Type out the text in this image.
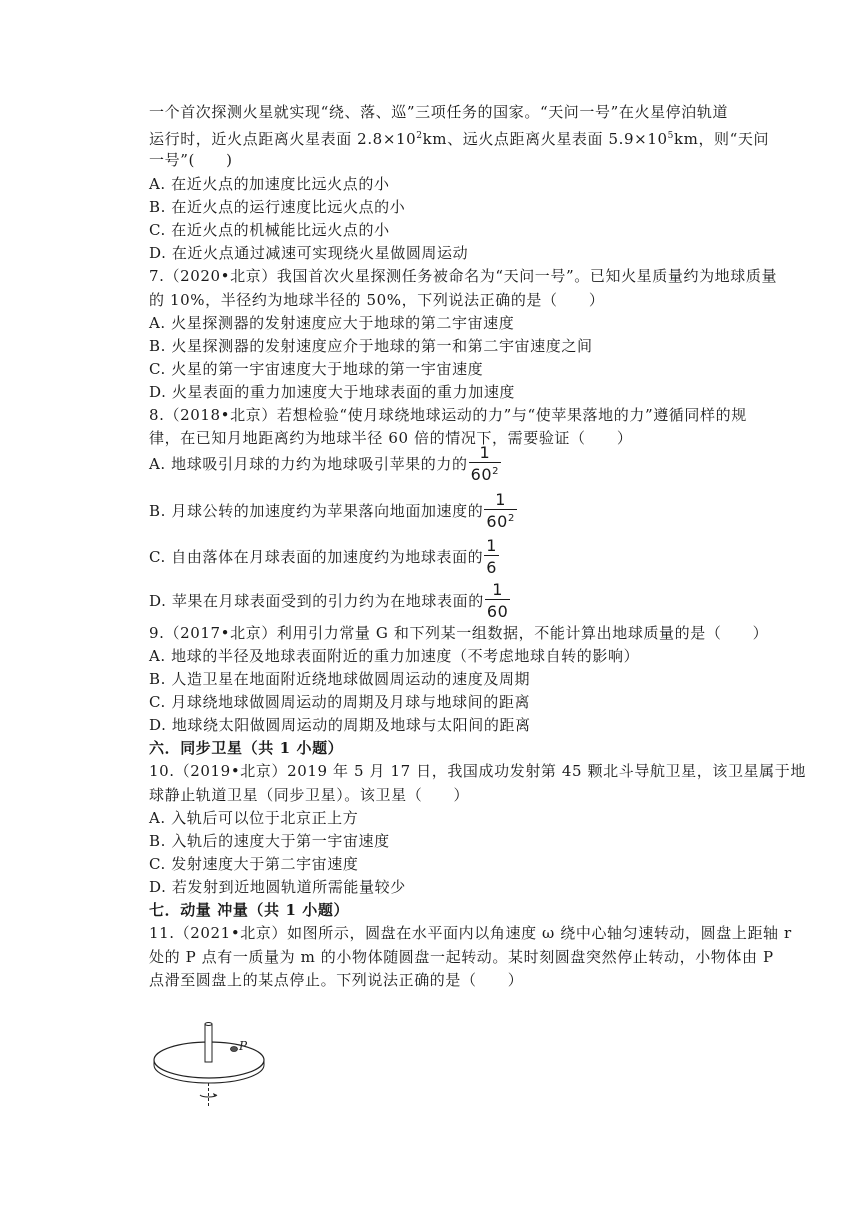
一个首次探测火星就实现“绕、落、巡”三项任务的国家。“天问一号”在火星停泊轨道
运行时，近火点距离火星表面 $2.8\times 10^2km$、远火点距离火星表面 $5.9\times 10^5km$，则“天问
一号”(　　)
A. 在近火点的加速度比远火点的小
B. 在近火点的运行速度比远火点的小
C. 在近火点的机械能比远火点的小
D. 在近火点通过减速可实现绕火星做圆周运动
7.（2020•北京）我国首次火星探测任务被命名为“天问一号”。已知火星质量约为地球质量
的 10%，半径约为地球半径的 50%，下列说法正确的是（　　）
A. 火星探测器的发射速度应大于地球的第二宇宙速度
B. 火星探测器的发射速度应介于地球的第一和第二宇宙速度之间
C. 火星的第一宇宙速度大于地球的第一宇宙速度
D. 火星表面的重力加速度大于地球表面的重力加速度
8.（2018•北京）若想检验“使月球绕地球运动的力”与“使苹果落地的力”遵循同样的规
律，在已知月地距离约为地球半径 60 倍的情况下，需要验证（　　）
A. 地球吸引月球的力约为地球吸引苹果的力的 $\frac{1}{60^2}$
B. 月球公转的加速度约为苹果落向地面加速度的 $\frac{1}{60^2}$
C. 自由落体在月球表面的加速度约为地球表面的 $\frac{1}{6}$
D. 苹果在月球表面受到的引力约为在地球表面的 $\frac{1}{60}$
9.（2017•北京）利用引力常量 G 和下列某一组数据，不能计算出地球质量的是（　　）
A. 地球的半径及地球表面附近的重力加速度（不考虑地球自转的影响）
B. 人造卫星在地面附近绕地球做圆周运动的速度及周期
C. 月球绕地球做圆周运动的周期及月球与地球间的距离
D. 地球绕太阳做圆周运动的周期及地球与太阳间的距离
六．同步卫星（共 1 小题）
10.（2019•北京）2019 年 5 月 17 日，我国成功发射第 45 颗北斗导航卫星，该卫星属于地
球静止轨道卫星（同步卫星）。该卫星（　　）
A. 入轨后可以位于北京正上方
B. 入轨后的速度大于第一宇宙速度
C. 发射速度大于第二宇宙速度
D. 若发射到近地圆轨道所需能量较少
七．动量 冲量（共 1 小题）
11.（2021•北京）如图所示，圆盘在水平面内以角速度 ω 绕中心轴匀速转动，圆盘上距轴 r
处的 P 点有一质量为 m 的小物体随圆盘一起转动。某时刻圆盘突然停止转动，小物体由 P
点滑至圆盘上的某点停止。下列说法正确的是（　　）
P
